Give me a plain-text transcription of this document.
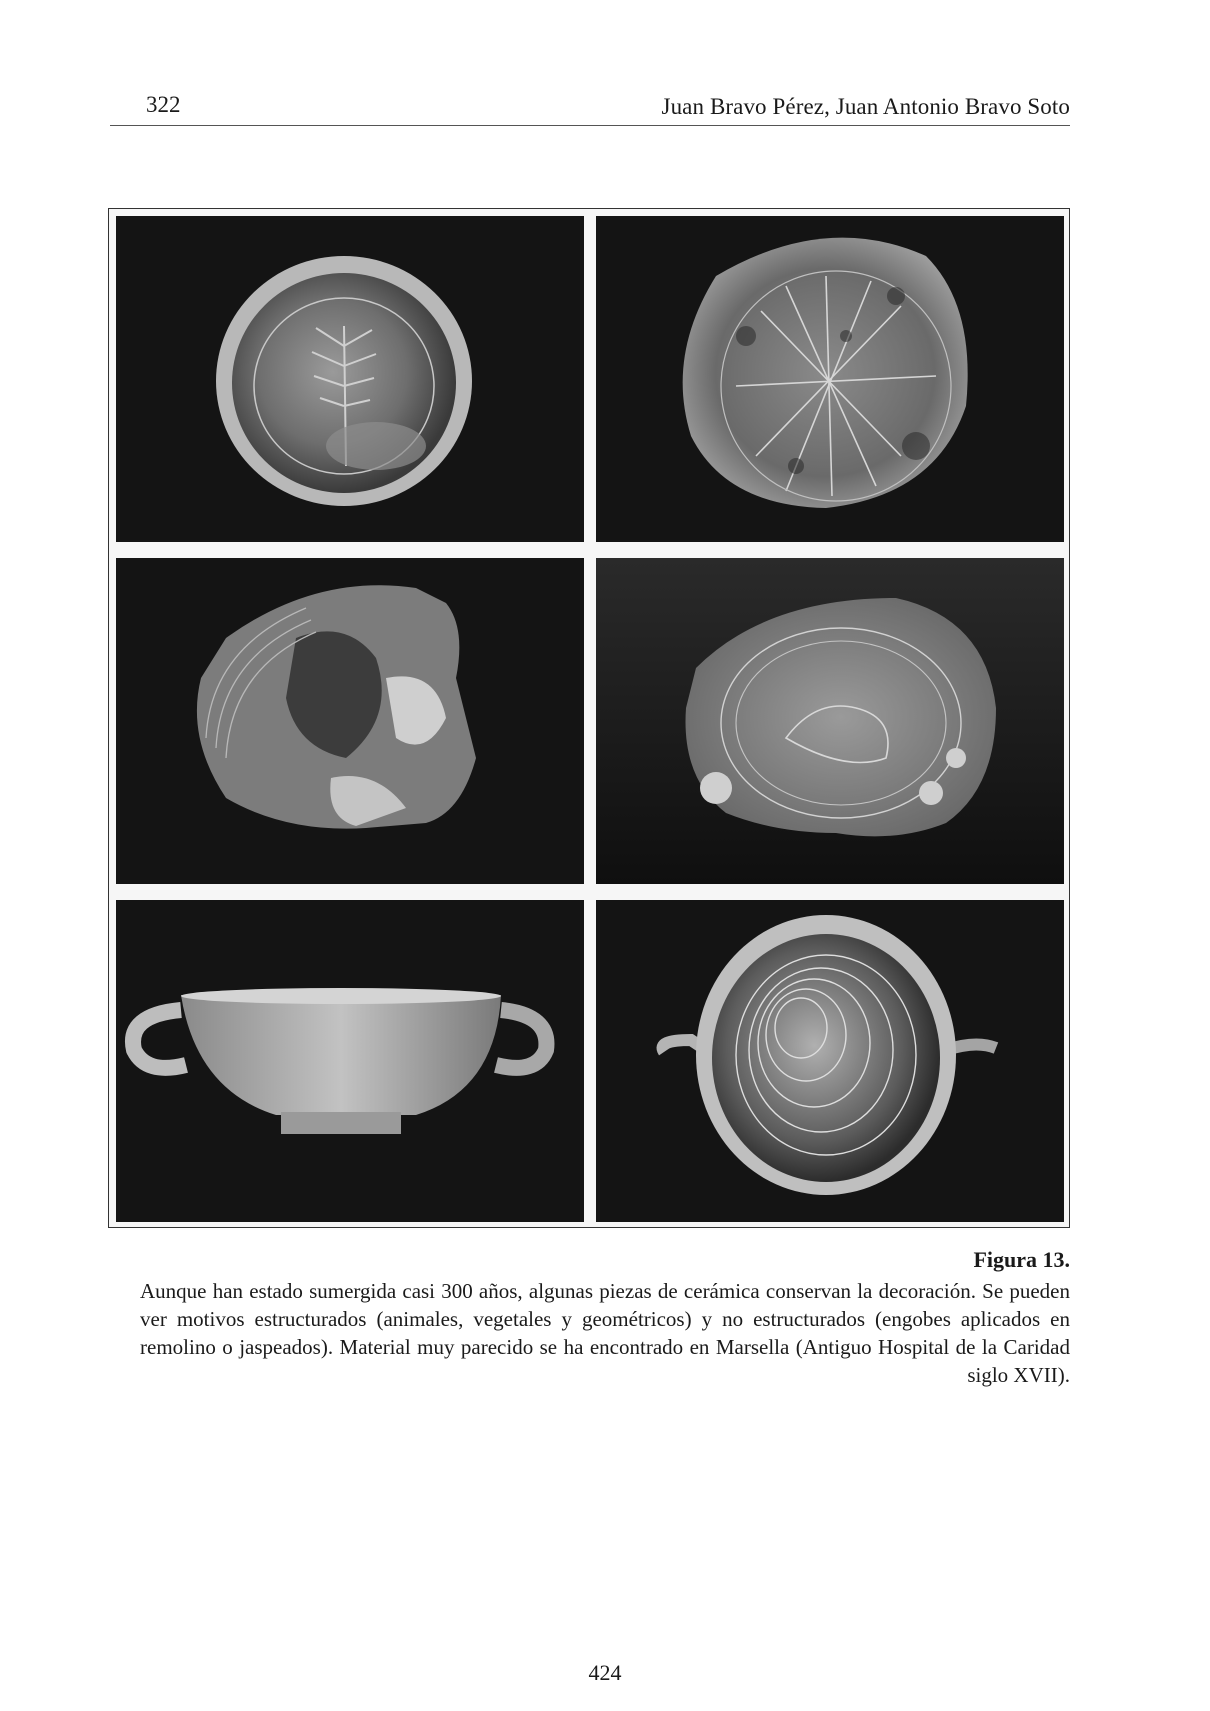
322	Juan Bravo Pérez, Juan Antonio Bravo Soto
Figura 13.
Aunque han estado sumergida casi 300 años, algunas piezas de cerámica conservan la decoración. Se pueden ver motivos estructurados (animales, vegetales y geométricos) y no estructurados (engobes aplicados en remolino o jaspeados). Material muy parecido se ha encontrado en Marsella (Antiguo Hospital de la Caridad siglo XVII).
424
